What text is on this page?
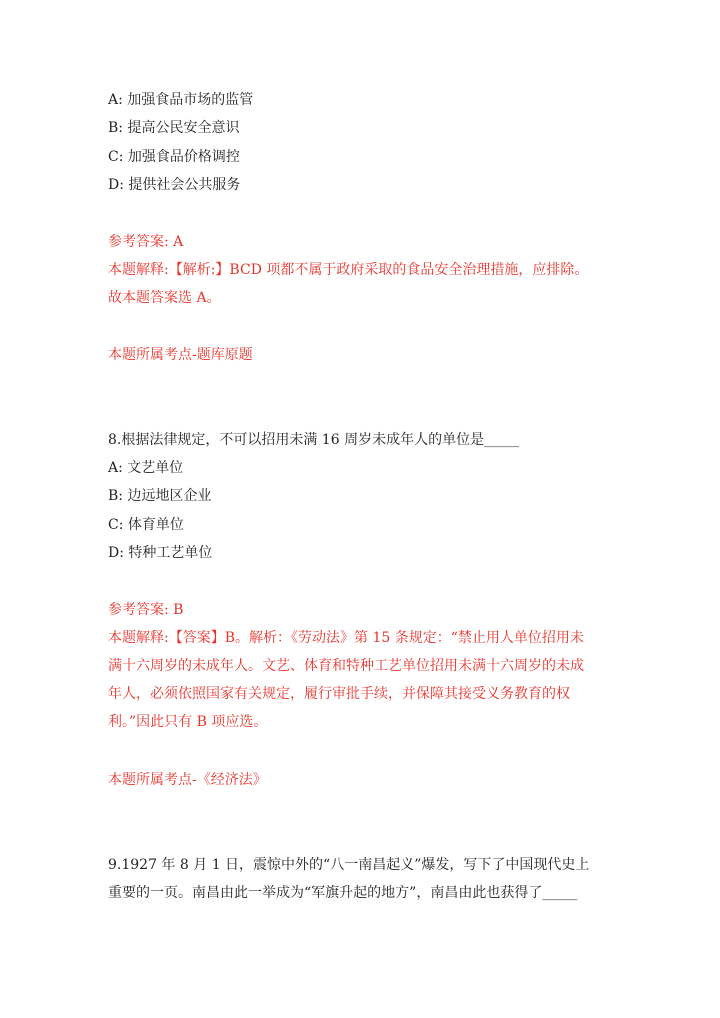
A: 加强食品市场的监管
B: 提高公民安全意识
C: 加强食品价格调控
D: 提供社会公共服务
参考答案: A
本题解释:【解析:】BCD 项都不属于政府采取的食品安全治理措施，应排除。
故本题答案选 A。
本题所属考点-题库原题
8.根据法律规定，不可以招用未满 16 周岁未成年人的单位是_____
A: 文艺单位
B: 边远地区企业
C: 体育单位
D: 特种工艺单位
参考答案: B
本题解释:【答案】B。解析：《劳动法》第 15 条规定：“禁止用人单位招用未
满十六周岁的未成年人。文艺、体育和特种工艺单位招用未满十六周岁的未成
年人，必须依照国家有关规定，履行审批手续，并保障其接受义务教育的权
利。”因此只有 B 项应选。
本题所属考点-《经济法》
9.1927 年 8 月 1 日，震惊中外的“八一南昌起义”爆发，写下了中国现代史上
重要的一页。南昌由此一举成为“军旗升起的地方”，南昌由此也获得了_____
